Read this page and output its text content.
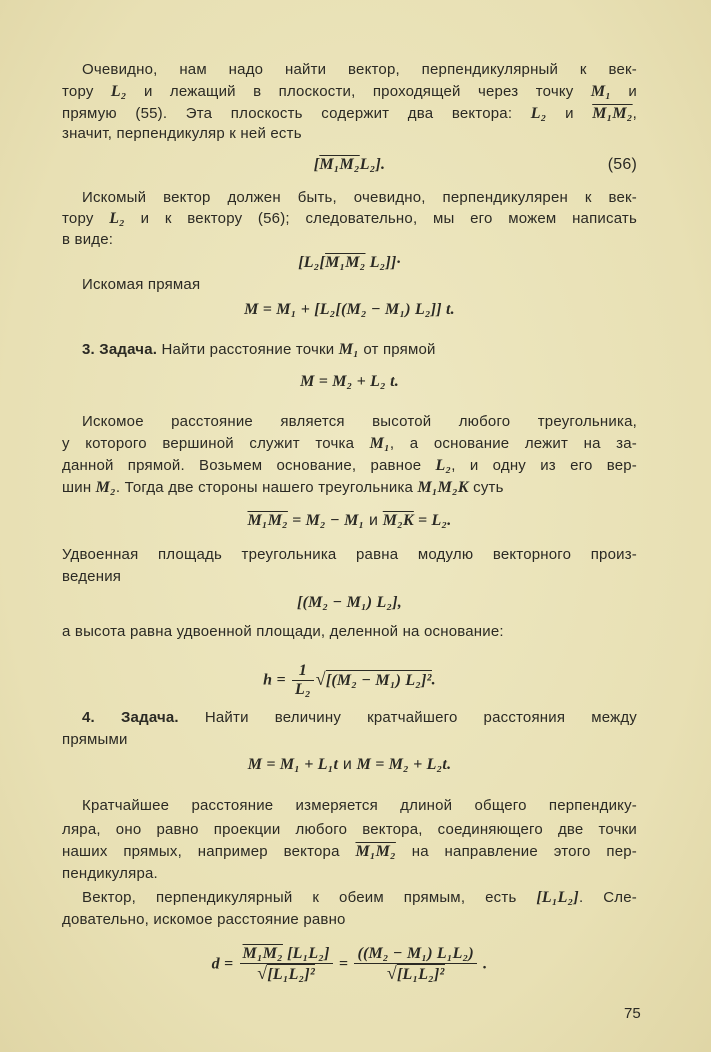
Очевидно, нам надо найти вектор, перпендикулярный к век-
тору L₂ и лежащий в плоскости, проходящей через точку M₁ и
прямую (55). Эта плоскость содержит два вектора: L₂ и M₁M₂,
значит, перпендикуляр к ней есть
[M₁M₂L₂].	(56)
Искомый вектор должен быть, очевидно, перпендикулярен к век-
тору L₂ и к вектору (56); следовательно, мы его можем написать
в виде:
[L₂[M₁M₂ L₂]]·
Искомая прямая
M = M₁ + [L₂[(M₂ − M₁) L₂]] t.
3. Задача. Найти расстояние точки M₁ от прямой
M = M₂ + L₂ t.
Искомое расстояние является высотой любого треугольника,
у которого вершиной служит точка M₁, а основание лежит на за-
данной прямой. Возьмем основание, равное L₂, и одну из его вер-
шин M₂. Тогда две стороны нашего треугольника M₁M₂K суть
M₁M₂ = M₂ − M₁ и M₂K = L₂.
Удвоенная площадь треугольника равна модулю векторного произ-
ведения
[(M₂ − M₁) L₂],
а высота равна удвоенной площади, деленной на основание:
$h = \frac{1}{\text{L₂}} √[(M_2 - M_1)$ L₂]².
4. Задача. Найти величину кратчайшего расстояния между
прямыми
M = M₁ + L₁t и M = M₂ + L₂t.
Кратчайшее расстояние измеряется длиной общего перпендику-
ляра, оно равно проекции любого вектора, соединяющего две точки
наших прямых, например вектора M₁M₂ на направление этого пер-
пендикуляра.
Вектор, перпендикулярный к обеим прямым, есть [L₁L₂]. Сле-
довательно, искомое расстояние равно
$d = \frac{\text{M₁M₂ [L₁L₂]}}{\text{√[L₁L₂]²}} = \frac{\text{((M₂ − M₁) L₁L₂)}}{\text{√[L₁L₂]²}}$ .
75
